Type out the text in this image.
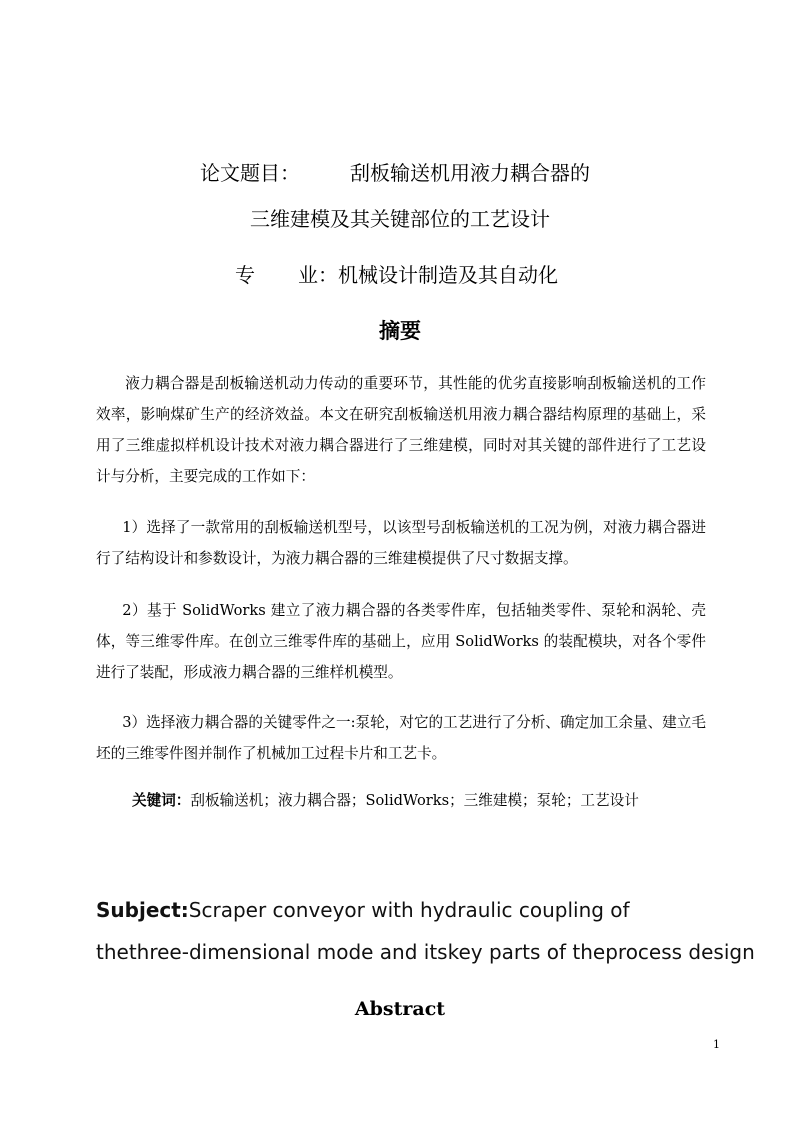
论文题目：	刮板输送机用液力耦合器的
三维建模及其关键部位的工艺设计
专　业：机械设计制造及其自动化
摘要
液力耦合器是刮板输送机动力传动的重要环节，其性能的优劣直接影响刮板输送机的工作效率，影响煤矿生产的经济效益。本文在研究刮板输送机用液力耦合器结构原理的基础上，采用了三维虚拟样机设计技术对液力耦合器进行了三维建模，同时对其关键的部件进行了工艺设计与分析，主要完成的工作如下：
1）选择了一款常用的刮板输送机型号，以该型号刮板输送机的工况为例，对液力耦合器进行了结构设计和参数设计，为液力耦合器的三维建模提供了尺寸数据支撑。
2）基于 SolidWorks 建立了液力耦合器的各类零件库，包括轴类零件、泵轮和涡轮、壳体，等三维零件库。在创立三维零件库的基础上，应用 SolidWorks 的装配模块，对各个零件进行了装配，形成液力耦合器的三维样机模型。
3）选择液力耦合器的关键零件之一:泵轮，对它的工艺进行了分析、确定加工余量、建立毛坯的三维零件图并制作了机械加工过程卡片和工艺卡。
关键词：刮板输送机；液力耦合器；SolidWorks；三维建模；泵轮；工艺设计
Subject:Scraper conveyor with hydraulic coupling of
thethree-dimensional mode and itskey parts of theprocess design
Abstract
1
